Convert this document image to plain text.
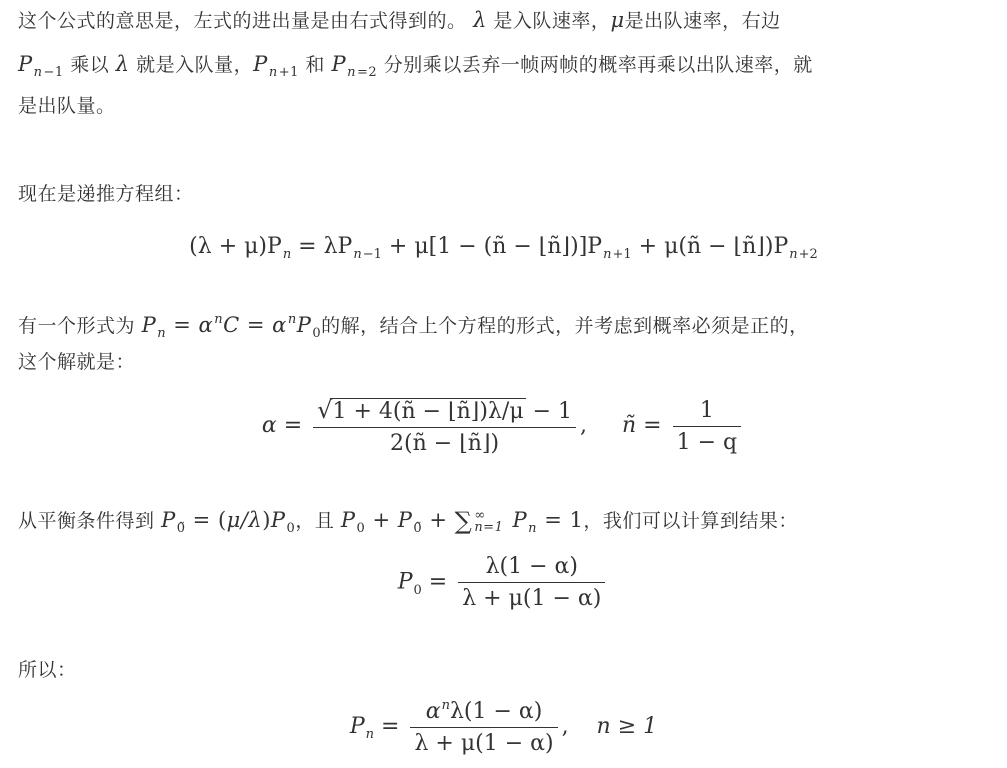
这个公式的意思是，左式的进出量是由右式得到的。 λ 是入队速率，μ是出队速率，右边
$P_{n-1}$ 乘以 λ 就是入队量，$P_{n+1}$ 和 $P_{n=2}$ 分别乘以丢弃一帧两帧的概率再乘以出队速率，就
是出队量。
现在是递推方程组：
$(\lambda + \mu)P_n = \lambda P_{n-1} + \mu[1$ − (ñ − $⌊ñ⌋)]P_{n+1}$ + μ(ñ − $⌊ñ⌋)P_{n+2}$
有一个形式为 $P_n = \alpha^nC = \alpha^nP_0$的解，结合上个方程的形式，并考虑到概率必须是正的，
这个解就是：
$\alpha = \frac{√1 + 4(ñ - ⌊ñ⌋)\lambda/\mu - 1}{2(ñ - ⌊ñ⌋)}$ , ñ = $\frac{1}{1 - q}$
从平衡条件得到 $P_{0̃} = (\mu/\lambda)P_0$，且 $P_0 + P_{0̃}$ + ∑ ∞
n=1 $P_n = 1$，我们可以计算到结果：
$P_0 = \frac{\lambda(1 - \alpha)}{\lambda + \mu(1 - \alpha)}$
所以：
$P_n = \frac{\alpha^n\lambda(1 - \alpha)}{\lambda + \mu(1 - \alpha)}$ ,    n ≥ 1
